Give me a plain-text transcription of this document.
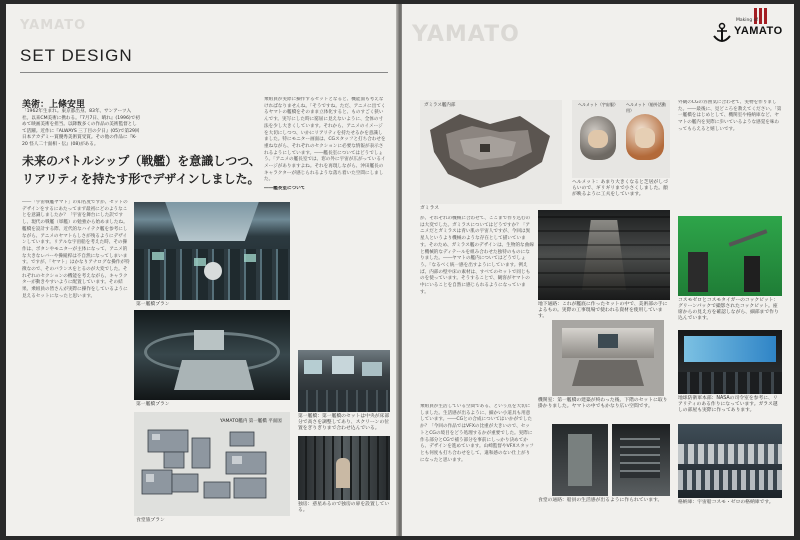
YAMATO
SET DESIGN
美術：上條安里
「1962年生まれ。東京都出身。83年、サンアーツ入社。以来CM美術に携わる。『7月7日、晴れ』(1996)で初めて映画美術を担当。以降数多くの作品の美術監督として活躍。近作に『ALWAYS 三丁目の夕日』(05)で第29回日本アカデミー賞優秀美術賞受賞。その他の作品に『K-20 怪人二十面相・伝』(08)がある。
未来のバトルシップ（戦艦）を意識しつつ、
リアリティを持たす形でデザインしました。
――「宇宙戦艦ヤマト」の知名度ですが、セットのデザインをするにあたってまず最初にどのようなことを意識しましたか？「宇宙を舞台にした訳ですし、現代の戦艦（軍艦）の勉強から始めましたね。艦橋を設計する際、近代的なハイテク艦を参考にしながら、アニメのヤマトらしさが残るようにデザインしています。リアルな宇宙船を考えた時、その操作は、ボタンやモニターが主体になって、アニメ的な大きなレバーや操縦桿は不自然になってしまいます。ですが、「ヤマト」はかなりアナログな操作が特徴なので、そのバランスをとるのが大変でした。それぞれのセクションの機能を考えながら、キャラクターが動きやすいように配置しています。その結果、乗組員の皆さんが実際に操作をしているように見えるセットになったと思います。
乗組員が実際に操作するセットとなると、機能面も考えなければなりませんね。「そうですね。ただ、アニメに出てくるヤマトの艦橋をそのまま立体化すると、ものすごく狭いんです。実写にした時に窮屈に見えないように、全体の寸法を少し大きくしています。それから、アニメのイメージを大切にしつつ、いかにリアリティを持たせるかを意識しました。特にモニター画面は、CGスタッフと打ち合わせを重ねながら、それぞれのセクションに必要な情報が表示されるようにしています。――艦長室についてはどうでしょう。「アニメの艦長室では、窓の外に宇宙が広がっているイメージがありますよね。それを再現しながら、沖田艦長のキャラクターが感じられるような落ち着いた空間にしました。
――艦長室について
第一艦橋プラン
第一艦橋プラン
YAMATO艦内 第一艦橋 平面図
食堂旅プラン
第一艦橋：第一艦橋のセットは中央が床部分で高さを調整してあり、スクリーンの位置をぎりぎりまで合わせ込んでいる。
独房：惑星あるので独房の扉を設置している。
YAMATO
Making of
YAMATO
ガミラス艦内部
ガミラス
ヘルメット（宇宙服） ヘルメット（船外活動用）
ヘルメット：あまり大きくなると芝居がしづらいので、ギリギリまで小さくしました。顔が映るように工夫をしています。
が、それぞれの機械に合わせて、ここまで作り込むのは大変でした。ガミラスについてはどうですか？「アニメだとガミラスは青い肌の宇宙人ですが、今回は異星人というより機械のような存在として描いています。そのため、ガミラス艦のデザインは、生物的な曲線と機械的なディテールを組み合わせた独特のものになりました。――ヤマトの艦内についてはどうでしょう。「なるべく統一感を出すようにしています。例えば、内部の壁や床の素材は、すべてのセットで同じものを使っています。そうすることで、観客がヤマトの中にいることを自然に感じられるようになっています。
乗組員が生活している空間である、という点を大切にしました。生活感が出るように、細かい小道具も用意しています。――CGとの合成についてはいかがでしたか？「今回の作品ではVFXの比重が大きいので、セットとCGの境目をどう処理するかが重要でした。実際に作る部分とCGで補う部分を事前にしっかり決めてから、デザインを進めています。山崎監督やVFXスタッフとも何度も打ち合わせをして、違和感のない仕上がりになったと思います。
外観のCGの雰囲気に合わせて、実物を作りました。――最後に、見どころを教えてください。「第一艦橋をはじめとして、機関室や格納庫など、ヤマトの艦内を実際に歩いているような感覚を味わってもらえると嬉しいです。
地下通路：これが艦底に作ったセットの中で、美術部の手によるもの。実際の工事現場で使われる資材を使用しています。
コスモゼロとコスモタイガーのコックピット：グリーンバックで撮影されたコックピット。座席からの見え方を確認しながら、細部まで作り込んでいます。
機関室：第一艦橋の建築が終わった後、下階のセットに取り掛かりました。ヤマトの中でもかなり広い空間です。
地球防衛軍本部：NASAの司令室を参考に、リアリティのある作りになっています。ガラス越しの部屋も実際に作ってあります。
食堂の通路：船員の生活感が出るように作られています。	格納庫：宇宙船コスモ・ゼロの格納庫です。
